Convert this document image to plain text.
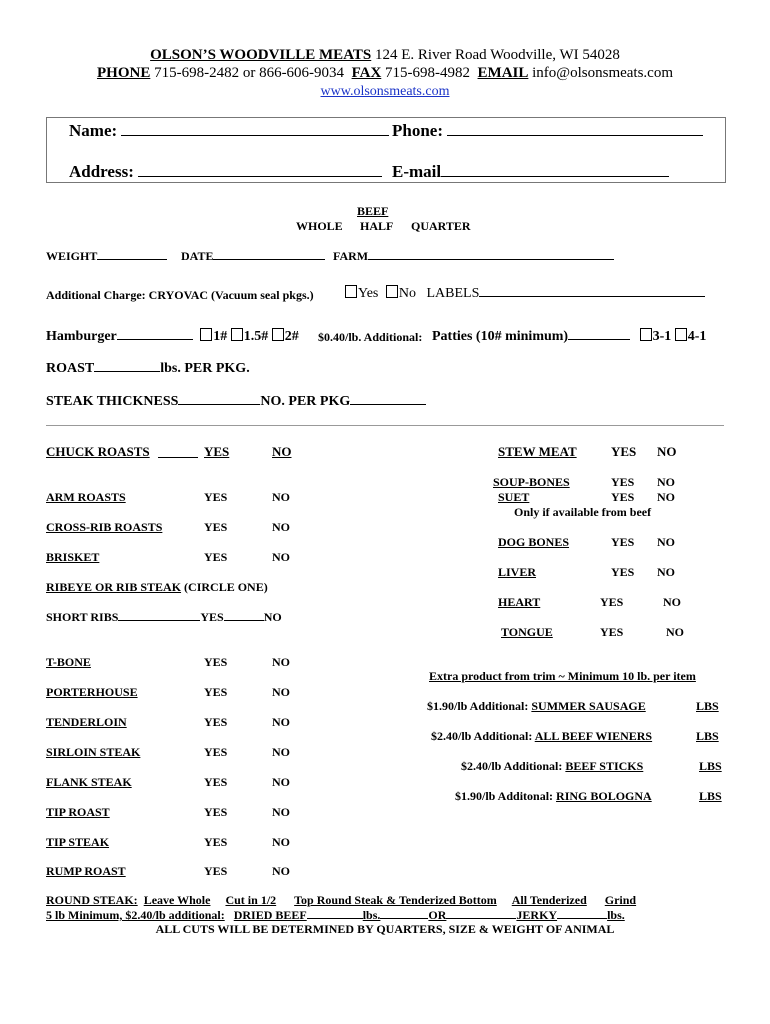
OLSON’S WOODVILLE MEATS 124 E. River Road Woodville, WI 54028
PHONE 715-698-2482 or 866-606-9034 FAX 715-698-4982 EMAIL info@olsonsmeats.com
www.olsonsmeats.com
Name:	Phone:
Address:	E-mail
BEEF
WHOLE HALF QUARTER
WEIGHT	DATE	FARM
Additional Charge: CRYOVAC (Vacuum seal pkgs.)	Yes No LABELS
Hamburger	1# 1.5# 2# $0.40/lb. Additional: Patties (10# minimum)	3-1 4-1
ROAST	lbs. PER PKG.
STEAK THICKNESS	NO. PER PKG
CHUCK ROASTS	YES	NO
ARM ROASTS	YES	NO
CROSS-RIB ROASTS	YES	NO
BRISKET	YES	NO
RIBEYE OR RIB STEAK (CIRCLE ONE)
SHORT RIBS	YES	NO
T-BONE	YES	NO
PORTERHOUSE	YES	NO
TENDERLOIN	YES	NO
SIRLOIN STEAK	YES	NO
FLANK STEAK	YES	NO
TIP ROAST	YES	NO
TIP STEAK	YES	NO
RUMP ROAST	YES	NO
STEW MEAT	YES NO
SOUP-BONES	YES NO
SUET	YES NO
Only if available from beef
DOG BONES	YES NO
LIVER	YES NO
HEART	YES	NO
TONGUE	YES	NO
Extra product from trim ~ Minimum 10 lb. per item
$1.90/lb Additional: SUMMER SAUSAGE	LBS
$2.40/lb Additional: ALL BEEF WIENERS	LBS
$2.40/lb Additional: BEEF STICKS	LBS
$1.90/lb Additonal: RING BOLOGNA	LBS
ROUND STEAK: Leave Whole Cut in 1/2 Top Round Steak & Tenderized Bottom All Tenderized Grind
5 lb Minimum, $2.40/lb additional: DRIED BEEF	lbs.	OR	JERKY	lbs.
ALL CUTS WILL BE DETERMINED BY QUARTERS, SIZE & WEIGHT OF ANIMAL
